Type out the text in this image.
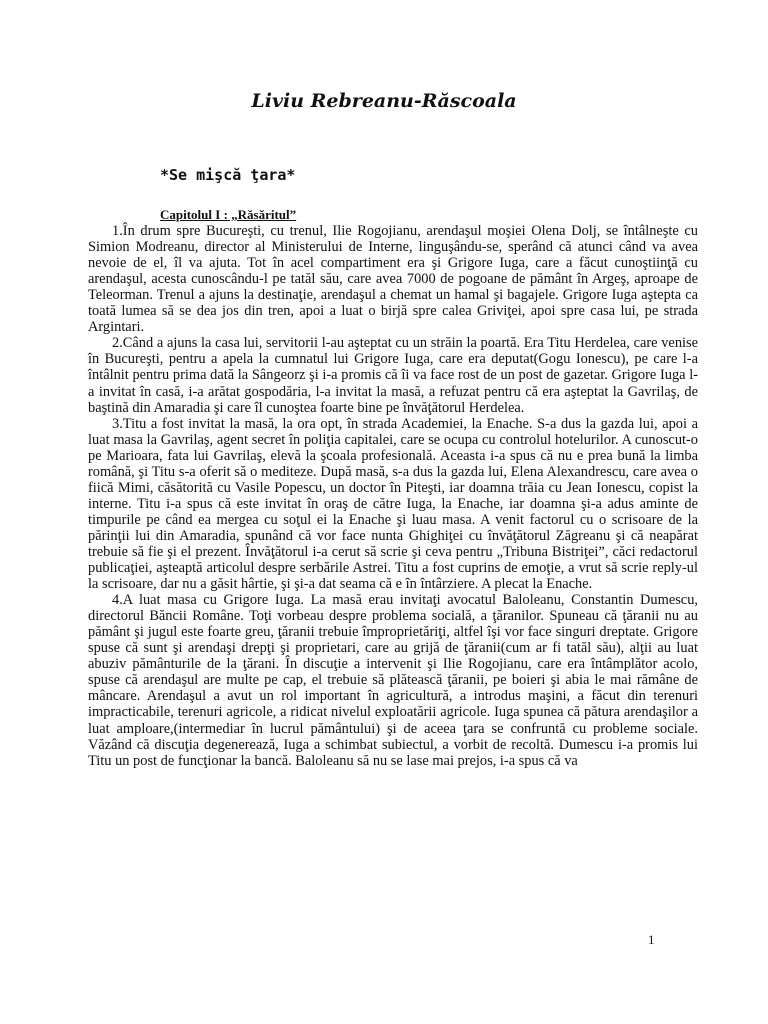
Liviu Rebreanu-Răscoala
*Se mişcă ţara*
Capitolul I : „Răsăritul”

1.În drum spre Bucureşti, cu trenul, Ilie Rogojianu, arendaşul moşiei Olena Dolj, se întâlneşte cu Simion Modreanu, director al Ministerului de Interne, linguşându-se, sperând că atunci când va avea nevoie de el, îl va ajuta. Tot în acel compartiment era şi Grigore Iuga, care a făcut cunoştiinţă cu arendaşul, acesta cunoscându-l pe tatăl său, care avea 7000 de pogoane de pământ în Argeş, aproape de Teleorman. Trenul a ajuns la destinaţie, arendaşul a chemat un hamal şi bagajele. Grigore Iuga aştepta ca toată lumea să se dea jos din tren, apoi a luat o birjă spre calea Griviţei, apoi spre casa lui, pe strada Argintari.

2.Când a ajuns la casa lui, servitorii l-au aşteptat cu un străin la poartă. Era Titu Herdelea, care venise în Bucureşti, pentru a apela la cumnatul lui Grigore Iuga, care era deputat(Gogu Ionescu), pe care l-a întâlnit pentru prima dată la Sângeorz şi i-a promis că îi va face rost de un post de gazetar. Grigore Iuga l-a invitat în casă, i-a arătat gospodăria, l-a invitat la masă, a refuzat pentru că era aşteptat la Gavrilaş, de baştină din Amaradia şi care îl cunoştea foarte bine pe învăţătorul Herdelea.

3.Titu a fost invitat la masă, la ora opt, în strada Academiei, la Enache. S-a dus la gazda lui, apoi a luat masa la Gavrilaş, agent secret în poliţia capitalei, care se ocupa cu controlul hotelurilor. A cunoscut-o pe Marioara, fata lui Gavrilaş, elevă la şcoala profesională. Aceasta i-a spus că nu e prea bună la limba română, şi Titu s-a oferit să o mediteze. După masă, s-a dus la gazda lui, Elena Alexandrescu, care avea o fiică Mimi, căsătorită cu Vasile Popescu, un doctor în Piteşti, iar doamna trăia cu Jean Ionescu, copist la interne. Titu i-a spus că este invitat în oraş de către Iuga, la Enache, iar doamna şi-a adus aminte de timpurile pe când ea mergea cu soţul ei la Enache şi luau masa. A venit factorul cu o scrisoare de la părinţii lui din Amaradia, spunând că vor face nunta Ghighiţei cu învăţătorul Zăgreanu şi că neapărat trebuie să fie şi el prezent. Învăţătorul i-a cerut să scrie şi ceva pentru „Tribuna Bistriţei”, căci redactorul publicaţiei, aşteaptă articolul despre serbările Astrei. Titu a fost cuprins de emoţie, a vrut să scrie reply-ul la scrisoare, dar nu a găsit hârtie, şi şi-a dat seama că e în întârziere. A plecat la Enache.

4.A luat masa cu Grigore Iuga. La masă erau invitaţi avocatul Baloleanu, Constantin Dumescu, directorul Băncii Române. Toţi vorbeau despre problema socială, a ţăranilor. Spuneau că ţăranii nu au pământ şi jugul este foarte greu, ţăranii trebuie împroprietăriţi, altfel îşi vor face singuri dreptate. Grigore spuse că sunt şi arendaşi drepţi şi proprietari, care au grijă de ţăranii(cum ar fi tatăl său), alţii au luat abuziv pământurile de la ţărani. În discuţie a intervenit şi Ilie Rogojianu, care era întâmplător acolo, spuse că arendaşul are multe pe cap, el trebuie să plătească ţăranii, pe boieri şi abia le mai rămâne de mâncare. Arendaşul a avut un rol important în agricultură, a introdus maşini, a făcut din terenuri impracticabile, terenuri agricole, a ridicat nivelul exploatării agricole. Iuga spunea că pătura arendaşilor a luat amploare,(intermediar în lucrul pământului) şi de aceea ţara se confruntă cu probleme sociale. Văzând că discuţia degenerează, Iuga a schimbat subiectul, a vorbit de recoltă. Dumescu i-a promis lui Titu un post de funcţionar la bancă. Baloleanu să nu se lase mai prejos, i-a spus că va

1
